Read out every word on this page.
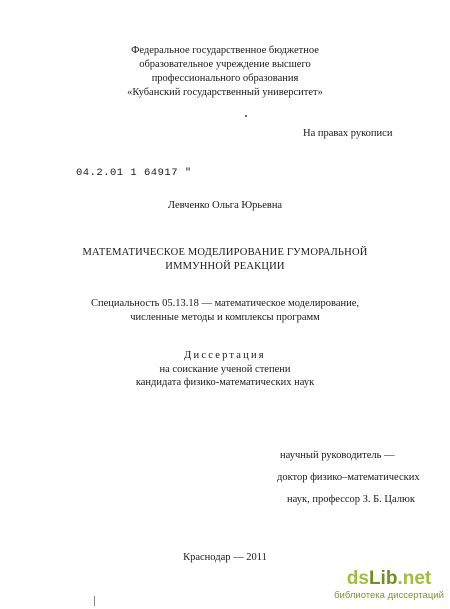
Федеральное государственное бюджетное
образовательное учреждение высшего
профессионального образования
«Кубанский государственный университет»
На правах рукописи
04.2.01 1 64917 "
Левченко Ольга Юрьевна
МАТЕМАТИЧЕСКОЕ МОДЕЛИРОВАНИЕ ГУМОРАЛЬНОЙ
ИММУННОЙ РЕАКЦИИ
Специальность 05.13.18 — математическое моделирование,
численные методы и комплексы программ
Диссертация
на соискание ученой степени
кандидата физико-математических наук
научный руководитель —
доктор физико–математических
наук, профессор З. Б. Цалюк
Краснодар — 2011
dsLib.net
библиотека диссертаций
